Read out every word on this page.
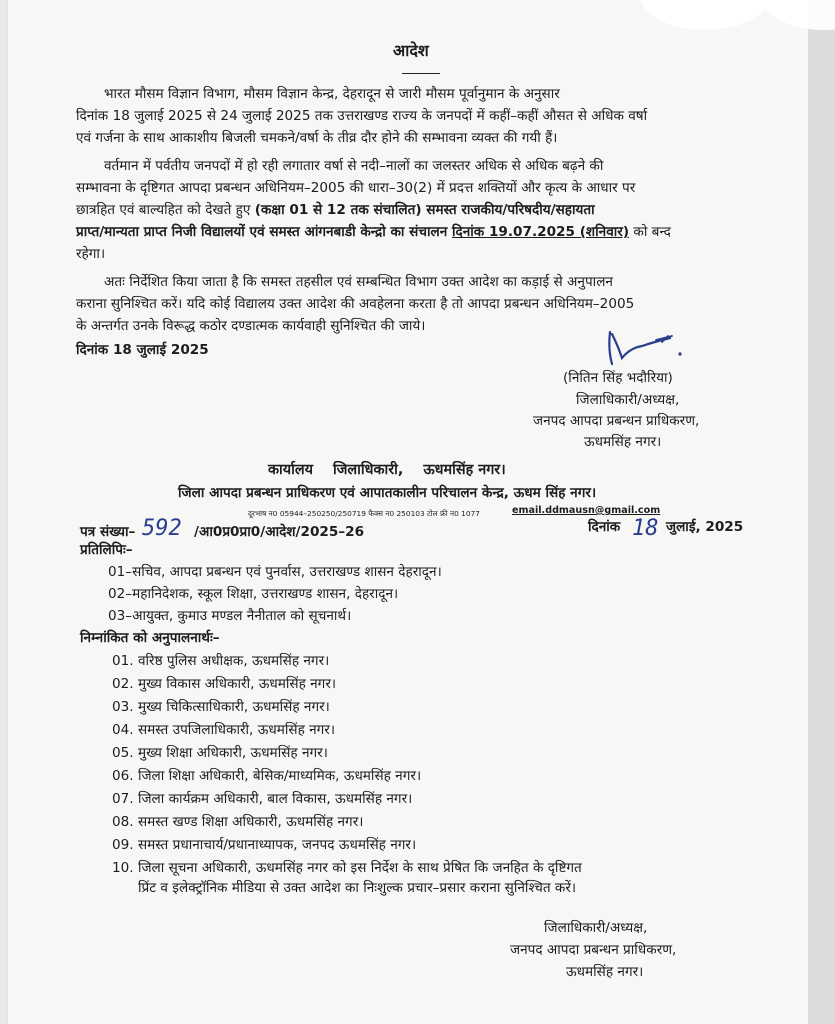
आदेश
भारत मौसम विज्ञान विभाग, मौसम विज्ञान केन्द्र, देहरादून से जारी मौसम पूर्वानुमान के अनुसार
दिनांक 18 जुलाई 2025 से 24 जुलाई 2025 तक उत्तराखण्ड राज्य के जनपदों में कहीं–कहीं औसत से अधिक वर्षा
एवं गर्जना के साथ आकाशीय बिजली चमकने/वर्षा के तीव्र दौर होने की सम्भावना व्यक्त की गयी हैं।
वर्तमान में पर्वतीय जनपदों में हो रही लगातार वर्षा से नदी–नालों का जलस्तर अधिक से अधिक बढ़ने की
सम्भावना के दृष्टिगत आपदा प्रबन्धन अधिनियम–2005 की धारा–30(2) में प्रदत्त शक्तियों और कृत्य के आधार पर
छात्रहित एवं बाल्यहित को देखते हुए (कक्षा 01 से 12 तक संचालित) समस्त राजकीय/परिषदीय/सहायता
प्राप्त/मान्यता प्राप्त निजी विद्यालयों एवं समस्त आंगनबाडी केन्द्रो का संचालन दिनांक 19.07.2025 (शनिवार) को बन्द
रहेगा।
अतः निर्देशित किया जाता है कि समस्त तहसील एवं सम्बन्धित विभाग उक्त आदेश का कड़ाई से अनुपालन
कराना सुनिश्चित करें। यदि कोई विद्यालय उक्त आदेश की अवहेलना करता है तो आपदा प्रबन्धन अधिनियम–2005
के अन्तर्गत उनके विरूद्ध कठोर दण्डात्मक कार्यवाही सुनिश्चित की जाये।
दिनांक 18 जुलाई 2025
(नितिन सिंह भदौरिया)
जिलाधिकारी/अध्यक्ष,
जनपद आपदा प्रबन्धन प्राधिकरण,
ऊधमसिंह नगर।
कार्यालय    जिलाधिकारी,    ऊधमसिंह नगर।
जिला आपदा प्रबन्धन प्राधिकरण एवं आपातकालीन परिचालन केन्द्र, ऊधम सिंह नगर।
दूरभाष न0 05944–250250/250719 फैक्स न0 250103 टोल फ्री न0 1077	email.ddmausn@gmail.com
पत्र संख्या– 592 /आ0प्र0प्रा0/आदेश/2025–26	दिनांक 18 जुलाई, 2025
प्रतिलिपिः–
01–सचिव, आपदा प्रबन्धन एवं पुनर्वास, उत्तराखण्ड शासन देहरादून।
02–महानिदेशक, स्कूल शिक्षा, उत्तराखण्ड शासन, देहरादून।
03–आयुक्त, कुमाउ मण्डल नैनीताल को सूचनार्थ।
निम्नांकित को अनुपालनार्थः–
01. वरिष्ठ पुलिस अधीक्षक, ऊधमसिंह नगर।
02. मुख्य विकास अधिकारी, ऊधमसिंह नगर।
03. मुख्य चिकित्साधिकारी, ऊधमसिंह नगर।
04. समस्त उपजिलाधिकारी, ऊधमसिंह नगर।
05. मुख्य शिक्षा अधिकारी, ऊधमसिंह नगर।
06. जिला शिक्षा अधिकारी, बेसिक/माध्यमिक, ऊधमसिंह नगर।
07. जिला कार्यक्रम अधिकारी, बाल विकास, ऊधमसिंह नगर।
08. समस्त खण्ड शिक्षा अधिकारी, ऊधमसिंह नगर।
09. समस्त प्रधानाचार्य/प्रधानाध्यापक, जनपद ऊधमसिंह नगर।
10. जिला सूचना अधिकारी, ऊधमसिंह नगर को इस निर्देश के साथ प्रेषित कि जनहित के दृष्टिगत
प्रिंट व इलेक्ट्रॉनिक मीडिया से उक्त आदेश का निःशुल्क प्रचार–प्रसार कराना सुनिश्चित करें।
जिलाधिकारी/अध्यक्ष,
जनपद आपदा प्रबन्धन प्राधिकरण,
ऊधमसिंह नगर।
